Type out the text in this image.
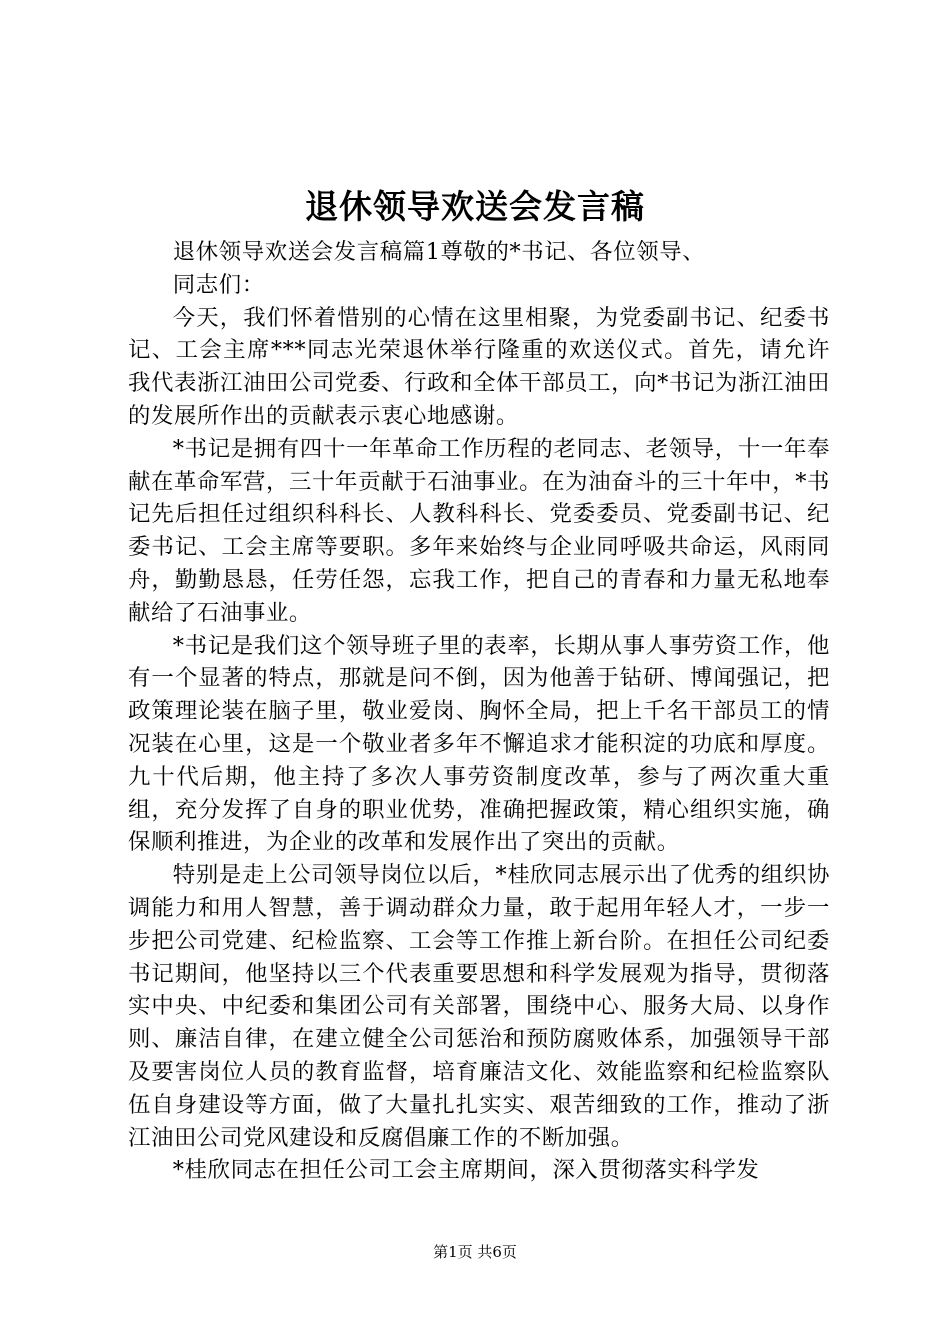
退休领导欢送会发言稿

退休领导欢送会发言稿篇1尊敬的*书记、各位领导、

同志们：

今天，我们怀着惜别的心情在这里相聚，为党委副书记、纪委书记、工会主席***同志光荣退休举行隆重的欢送仪式。首先，请允许我代表浙江油田公司党委、行政和全体干部员工，向*书记为浙江油田的发展所作出的贡献表示衷心地感谢。

*书记是拥有四十一年革命工作历程的老同志、老领导，十一年奉献在革命军营，三十年贡献于石油事业。在为油奋斗的三十年中，*书记先后担任过组织科科长、人教科科长、党委委员、党委副书记、纪委书记、工会主席等要职。多年来始终与企业同呼吸共命运，风雨同舟，勤勤恳恳，任劳任怨，忘我工作，把自己的青春和力量无私地奉献给了石油事业。

*书记是我们这个领导班子里的表率，长期从事人事劳资工作，他有一个显著的特点，那就是问不倒，因为他善于钻研、博闻强记，把政策理论装在脑子里，敬业爱岗、胸怀全局，把上千名干部员工的情况装在心里，这是一个敬业者多年不懈追求才能积淀的功底和厚度。九十代后期，他主持了多次人事劳资制度改革，参与了两次重大重组，充分发挥了自身的职业优势，准确把握政策，精心组织实施，确保顺利推进，为企业的改革和发展作出了突出的贡献。

特别是走上公司领导岗位以后，*桂欣同志展示出了优秀的组织协调能力和用人智慧，善于调动群众力量，敢于起用年轻人才，一步一步把公司党建、纪检监察、工会等工作推上新台阶。在担任公司纪委书记期间，他坚持以三个代表重要思想和科学发展观为指导，贯彻落实中央、中纪委和集团公司有关部署，围绕中心、服务大局、以身作则、廉洁自律，在建立健全公司惩治和预防腐败体系，加强领导干部及要害岗位人员的教育监督，培育廉洁文化、效能监察和纪检监察队伍自身建设等方面，做了大量扎扎实实、艰苦细致的工作，推动了浙江油田公司党风建设和反腐倡廉工作的不断加强。

*桂欣同志在担任公司工会主席期间，深入贯彻落实科学发

第1页 共6页
